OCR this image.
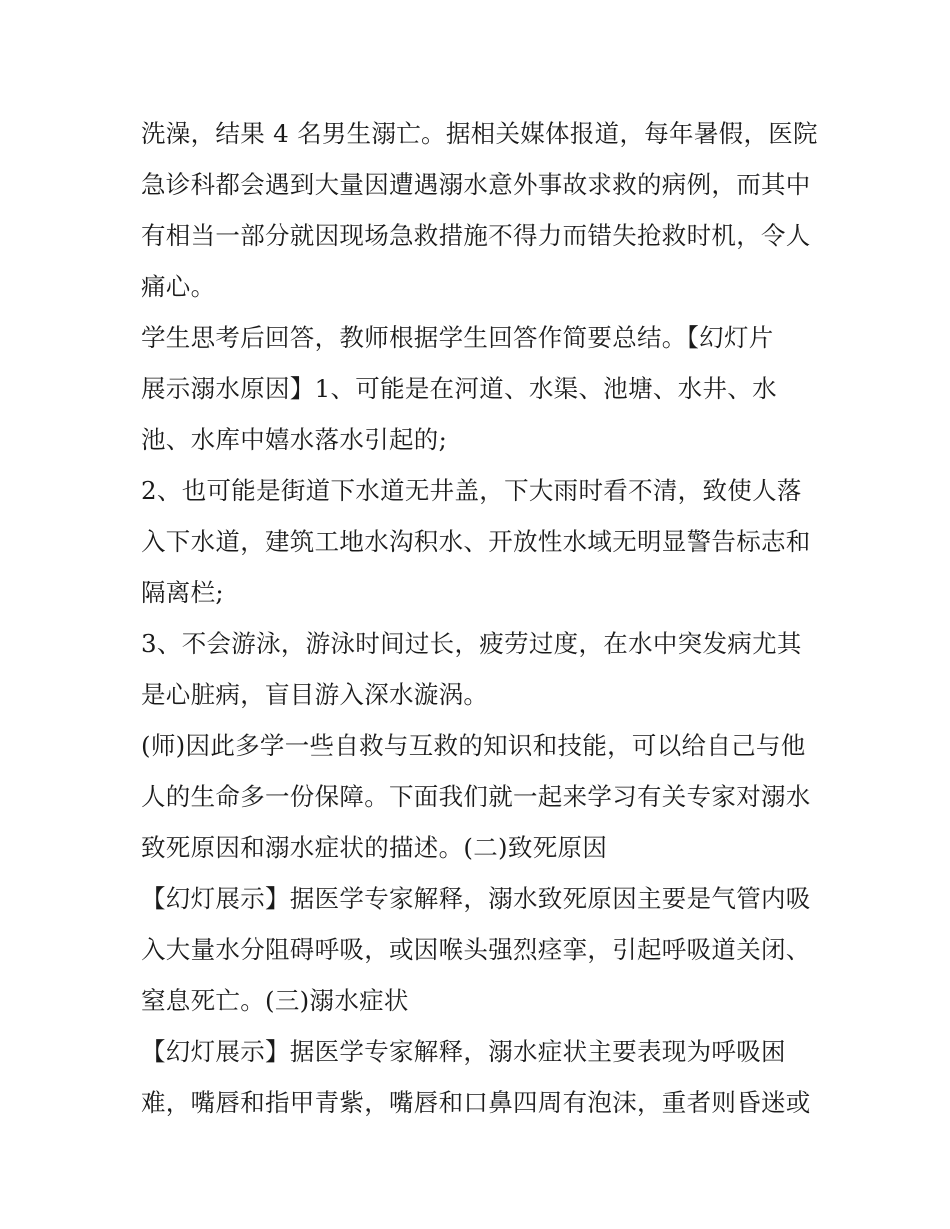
洗澡，结果 4 名男生溺亡。据相关媒体报道，每年暑假，医院
急诊科都会遇到大量因遭遇溺水意外事故求救的病例，而其中
有相当一部分就因现场急救措施不得力而错失抢救时机，令人
痛心。
学生思考后回答，教师根据学生回答作简要总结。【幻灯片
展示溺水原因】1、可能是在河道、水渠、池塘、水井、水
池、水库中嬉水落水引起的;
2、也可能是街道下水道无井盖，下大雨时看不清，致使人落
入下水道，建筑工地水沟积水、开放性水域无明显警告标志和
隔离栏;
3、不会游泳，游泳时间过长，疲劳过度，在水中突发病尤其
是心脏病，盲目游入深水漩涡。
(师)因此多学一些自救与互救的知识和技能，可以给自己与他
人的生命多一份保障。下面我们就一起来学习有关专家对溺水
致死原因和溺水症状的描述。(二)致死原因
【幻灯展示】据医学专家解释，溺水致死原因主要是气管内吸
入大量水分阻碍呼吸，或因喉头强烈痉挛，引起呼吸道关闭、
窒息死亡。(三)溺水症状
【幻灯展示】据医学专家解释，溺水症状主要表现为呼吸困
难，嘴唇和指甲青紫，嘴唇和口鼻四周有泡沫，重者则昏迷或
